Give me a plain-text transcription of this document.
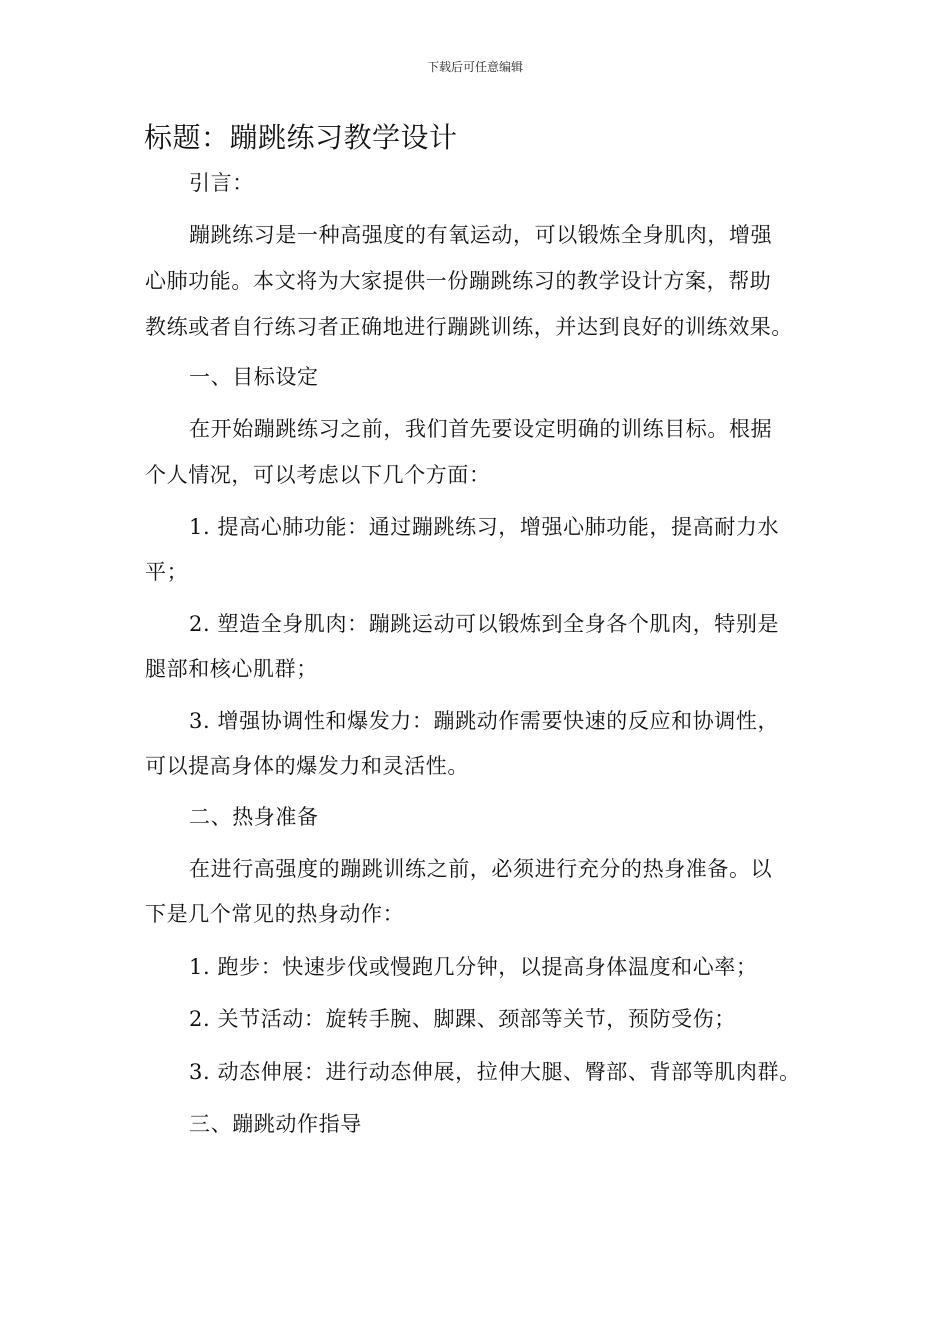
下载后可任意编辑
标题：蹦跳练习教学设计
引言：
蹦跳练习是一种高强度的有氧运动，可以锻炼全身肌肉，增强
心肺功能。本文将为大家提供一份蹦跳练习的教学设计方案，帮助
教练或者自行练习者正确地进行蹦跳训练，并达到良好的训练效果。
一、目标设定
在开始蹦跳练习之前，我们首先要设定明确的训练目标。根据
个人情况，可以考虑以下几个方面：
1. 提高心肺功能：通过蹦跳练习，增强心肺功能，提高耐力水
平；
2. 塑造全身肌肉：蹦跳运动可以锻炼到全身各个肌肉，特别是
腿部和核心肌群；
3. 增强协调性和爆发力：蹦跳动作需要快速的反应和协调性，
可以提高身体的爆发力和灵活性。
二、热身准备
在进行高强度的蹦跳训练之前，必须进行充分的热身准备。以
下是几个常见的热身动作：
1. 跑步：快速步伐或慢跑几分钟，以提高身体温度和心率；
2. 关节活动：旋转手腕、脚踝、颈部等关节，预防受伤；
3. 动态伸展：进行动态伸展，拉伸大腿、臀部、背部等肌肉群。
三、蹦跳动作指导
